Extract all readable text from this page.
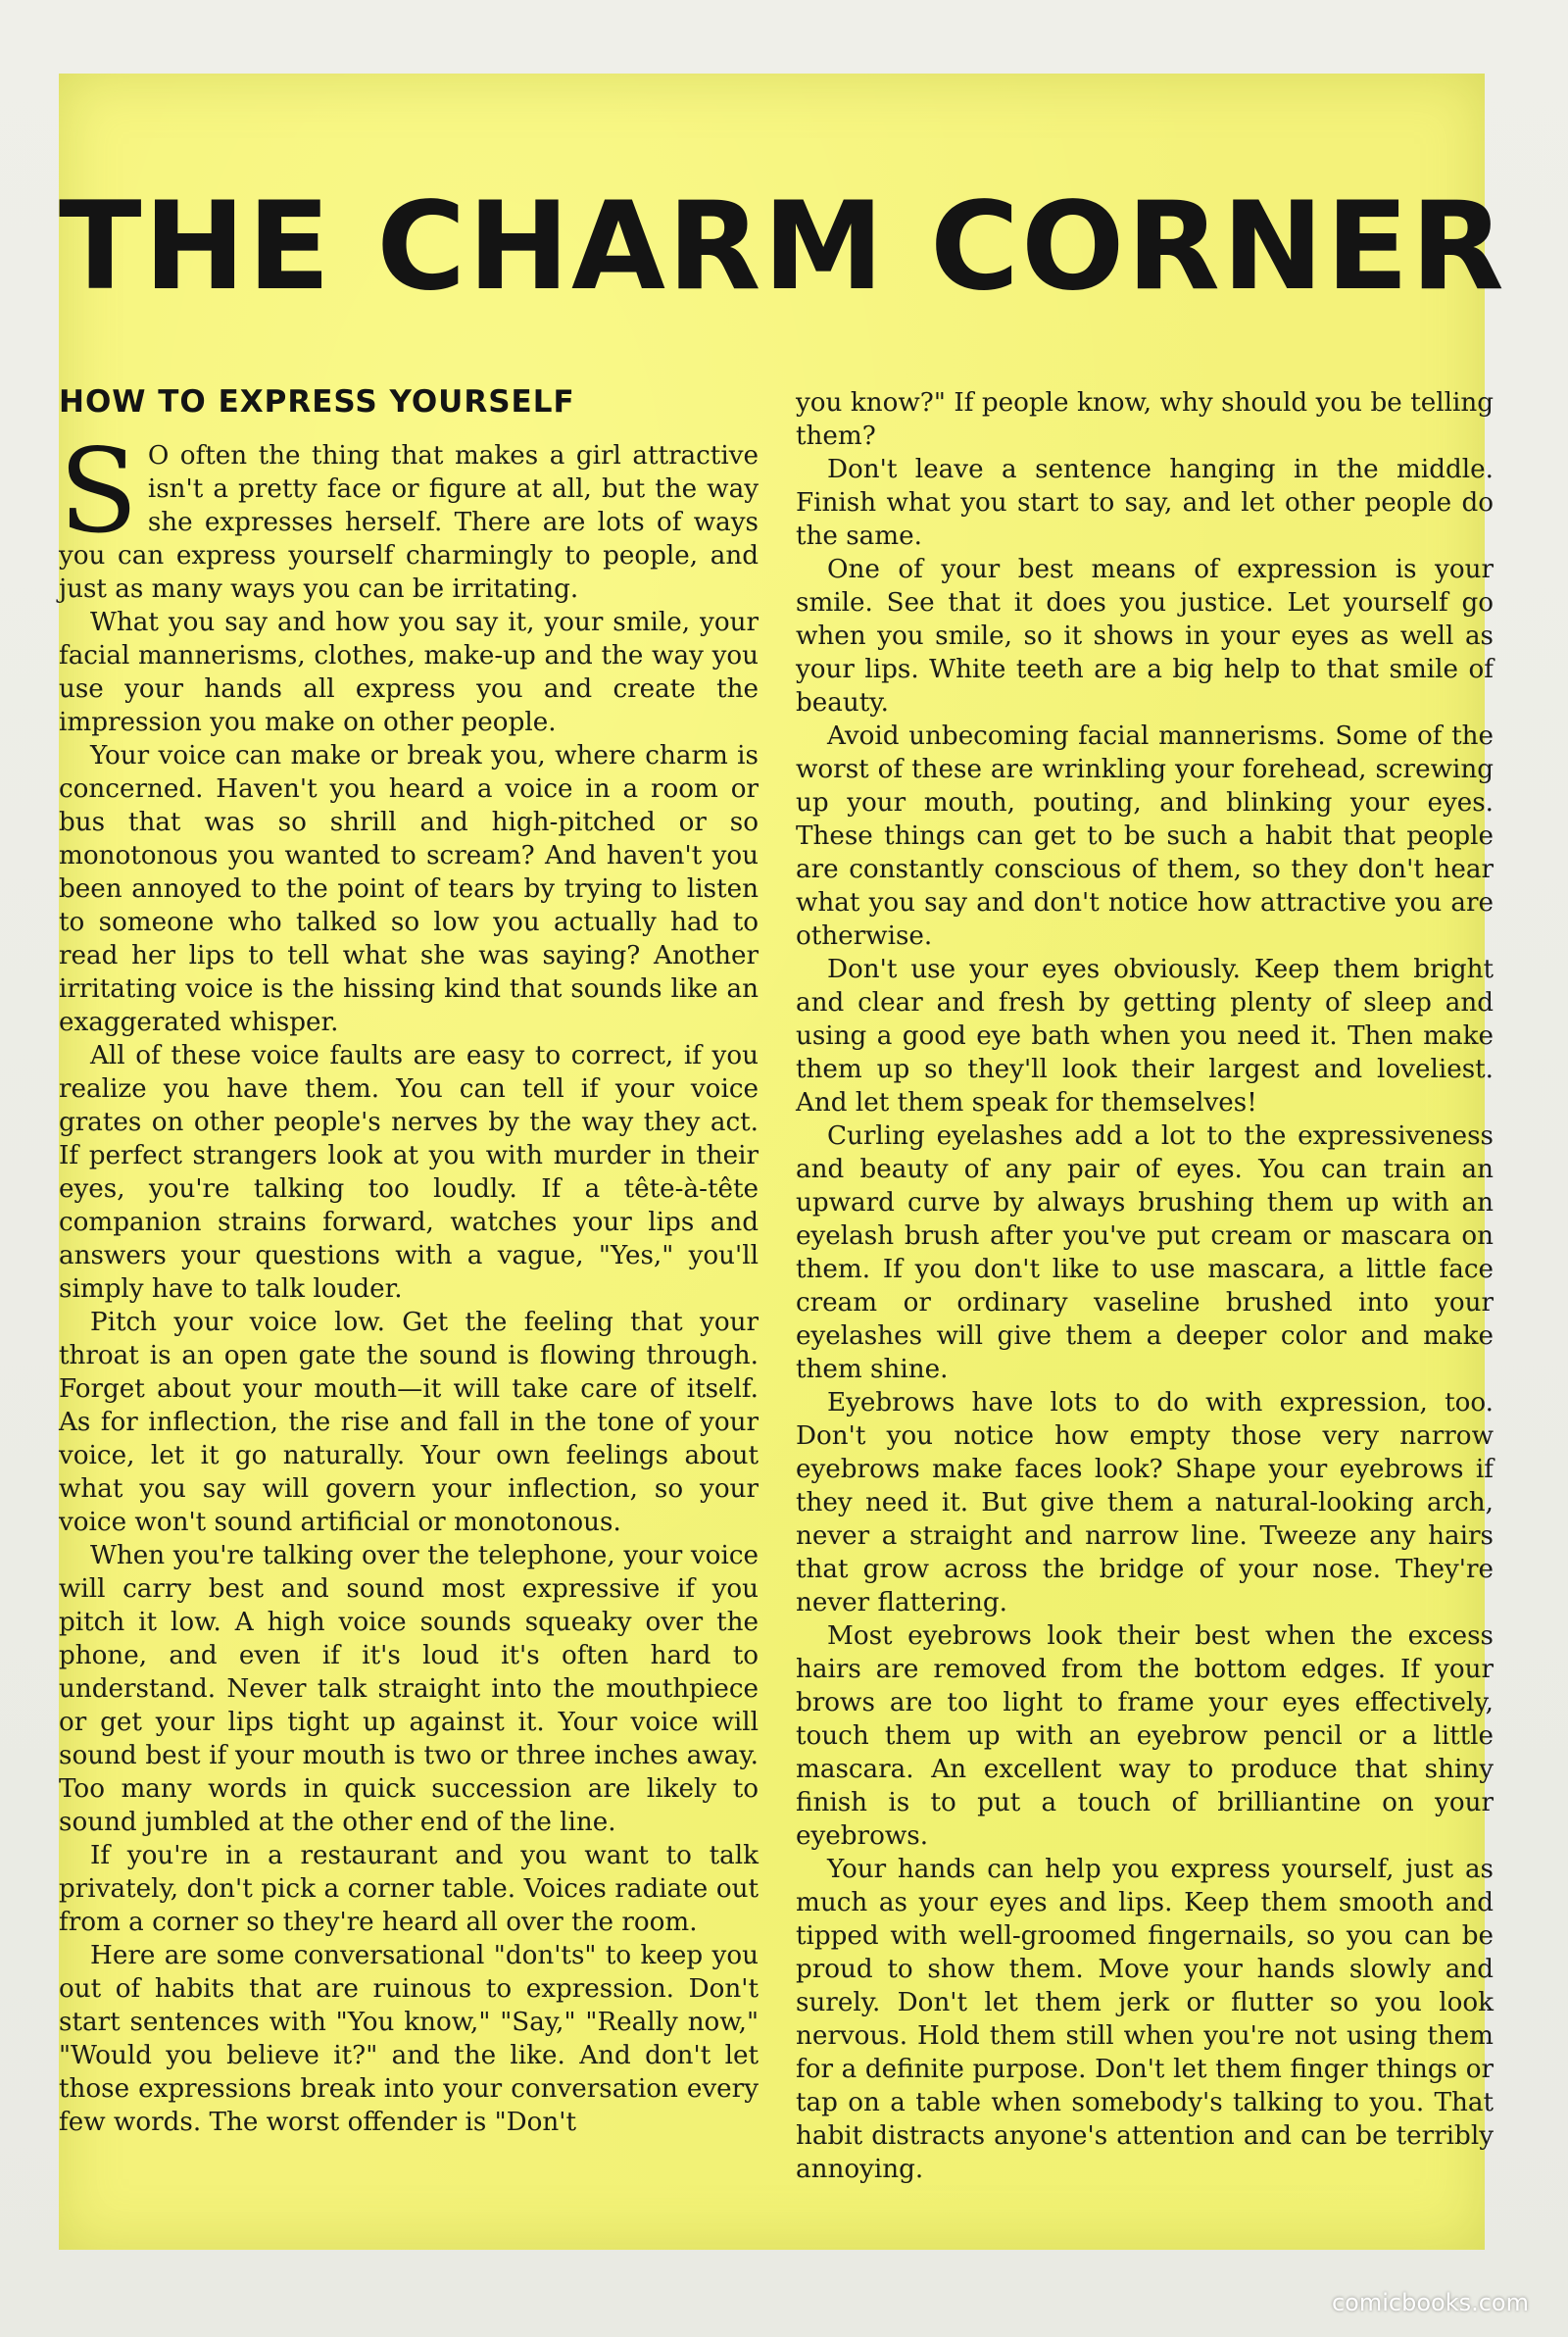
THE CHARM CORNER
HOW TO EXPRESS YOURSELF

S O often the thing that makes a girl attractive isn't a pretty face or figure at all, but the way she expresses herself. There are lots of ways you can express yourself charmingly to people, and just as many ways you can be irritating.

What you say and how you say it, your smile, your facial mannerisms, clothes, make-up and the way you use your hands all express you and create the impression you make on other people.

Your voice can make or break you, where charm is concerned. Haven't you heard a voice in a room or bus that was so shrill and high-pitched or so monotonous you wanted to scream? And haven't you been annoyed to the point of tears by trying to listen to someone who talked so low you actually had to read her lips to tell what she was saying? Another irritating voice is the hissing kind that sounds like an exaggerated whisper.

All of these voice faults are easy to correct, if you realize you have them. You can tell if your voice grates on other people's nerves by the way they act. If perfect strangers look at you with murder in their eyes, you're talking too loudly. If a tête-à-tête companion strains forward, watches your lips and answers your questions with a vague, "Yes," you'll simply have to talk louder.

Pitch your voice low. Get the feeling that your throat is an open gate the sound is flowing through. Forget about your mouth—it will take care of itself. As for inflection, the rise and fall in the tone of your voice, let it go naturally. Your own feelings about what you say will govern your inflection, so your voice won't sound artificial or monotonous.

When you're talking over the telephone, your voice will carry best and sound most expressive if you pitch it low. A high voice sounds squeaky over the phone, and even if it's loud it's often hard to understand. Never talk straight into the mouthpiece or get your lips tight up against it. Your voice will sound best if your mouth is two or three inches away. Too many words in quick succession are likely to sound jumbled at the other end of the line.

If you're in a restaurant and you want to talk privately, don't pick a corner table. Voices radiate out from a corner so they're heard all over the room.

Here are some conversational "don'ts" to keep you out of habits that are ruinous to expression. Don't start sentences with "You know," "Say," "Really now," "Would you believe it?" and the like. And don't let those expressions break into your conversation every few words. The worst offender is "Don't

you know?" If people know, why should you be telling them?

Don't leave a sentence hanging in the middle. Finish what you start to say, and let other people do the same.

One of your best means of expression is your smile. See that it does you justice. Let yourself go when you smile, so it shows in your eyes as well as your lips. White teeth are a big help to that smile of beauty.

Avoid unbecoming facial mannerisms. Some of the worst of these are wrinkling your forehead, screwing up your mouth, pouting, and blinking your eyes. These things can get to be such a habit that people are constantly conscious of them, so they don't hear what you say and don't notice how attractive you are otherwise.

Don't use your eyes obviously. Keep them bright and clear and fresh by getting plenty of sleep and using a good eye bath when you need it. Then make them up so they'll look their largest and loveliest. And let them speak for themselves!

Curling eyelashes add a lot to the expressiveness and beauty of any pair of eyes. You can train an upward curve by always brushing them up with an eyelash brush after you've put cream or mascara on them. If you don't like to use mascara, a little face cream or ordinary vaseline brushed into your eyelashes will give them a deeper color and make them shine.

Eyebrows have lots to do with expression, too. Don't you notice how empty those very narrow eyebrows make faces look? Shape your eyebrows if they need it. But give them a natural-looking arch, never a straight and narrow line. Tweeze any hairs that grow across the bridge of your nose. They're never flattering.

Most eyebrows look their best when the excess hairs are removed from the bottom edges. If your brows are too light to frame your eyes effectively, touch them up with an eyebrow pencil or a little mascara. An excellent way to produce that shiny finish is to put a touch of brilliantine on your eyebrows.

Your hands can help you express yourself, just as much as your eyes and lips. Keep them smooth and tipped with well-groomed fingernails, so you can be proud to show them. Move your hands slowly and surely. Don't let them jerk or flutter so you look nervous. Hold them still when you're not using them for a definite purpose. Don't let them finger things or tap on a table when somebody's talking to you. That habit distracts anyone's attention and can be terribly annoying.

comicbooks.com
